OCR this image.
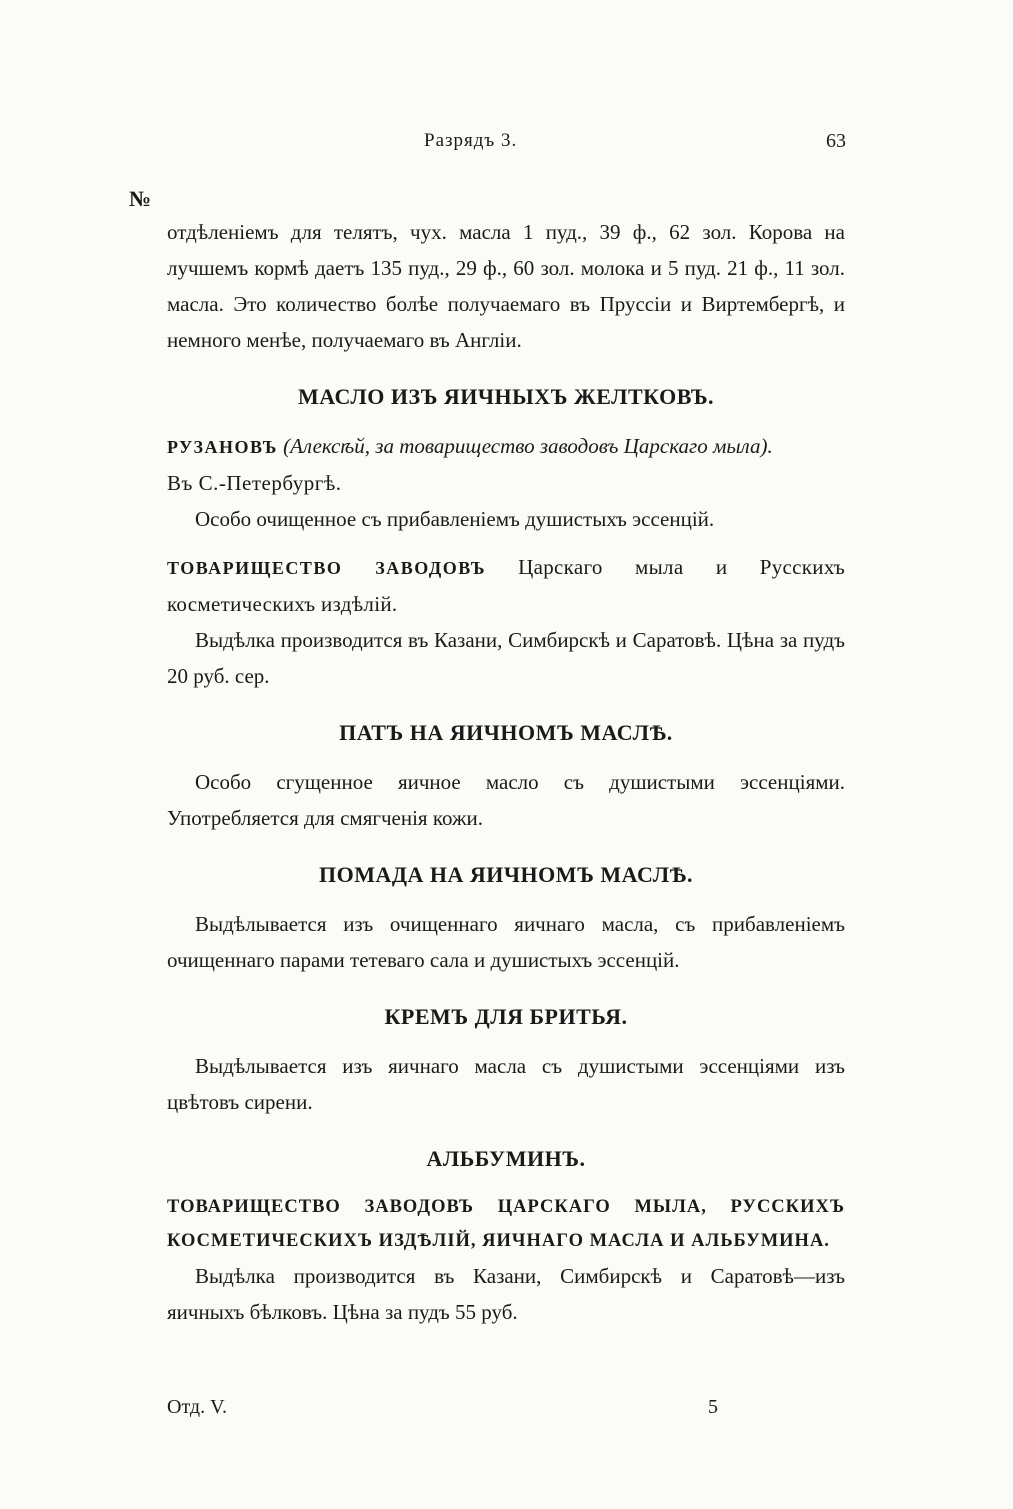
Разрядъ 3.	63
№

отдѣленіемъ для телятъ, чух. масла 1 пуд., 39 ф., 62 зол. Корова на лучшемъ кормѣ даетъ 135 пуд., 29 ф., 60 зол. молока и 5 пуд. 21 ф., 11 зол. масла. Это количество болѣе получаемаго въ Пруссіи и Виртембергѣ, и немного менѣе, получаемаго въ Англіи.

МАСЛО ИЗЪ ЯИЧНЫХЪ ЖЕЛТКОВЪ.

РУЗАНОВЪ (Алексѣй, за товарищество заводовъ Царскаго мыла).

Въ С.-Петербургѣ.

Особо очищенное съ прибавленіемъ душистыхъ эссенцій.

ТОВАРИЩЕСТВО ЗАВОДОВЪ Царскаго мыла и Русскихъ косметическихъ издѣлій.

Выдѣлка производится въ Казани, Симбирскѣ и Саратовѣ. Цѣна за пудъ 20 руб. сер.

ПАТЪ НА ЯИЧНОМЪ МАСЛѢ.

Особо сгущенное яичное масло съ душистыми эссенціями. Употребляется для смягченія кожи.

ПОМАДА НА ЯИЧНОМЪ МАСЛѢ.

Выдѣлывается изъ очищеннаго яичнаго масла, съ прибавленіемъ очищеннаго парами тетеваго сала и душистыхъ эссенцій.

КРЕМЪ ДЛЯ БРИТЬЯ.

Выдѣлывается изъ яичнаго масла съ душистыми эссенціями изъ цвѣтовъ сирени.

АЛЬБУМИНЪ.

ТОВАРИЩЕСТВО ЗАВОДОВЪ ЦАРСКАГО МЫЛА, РУССКИХЪ КОСМЕТИЧЕСКИХЪ ИЗДѢЛІЙ, ЯИЧНАГО МАСЛА И АЛЬБУМИНА.

Выдѣлка производится въ Казани, Симбирскѣ и Саратовѣ—изъ яичныхъ бѣлковъ. Цѣна за пудъ 55 руб.

Отд. V.	5
